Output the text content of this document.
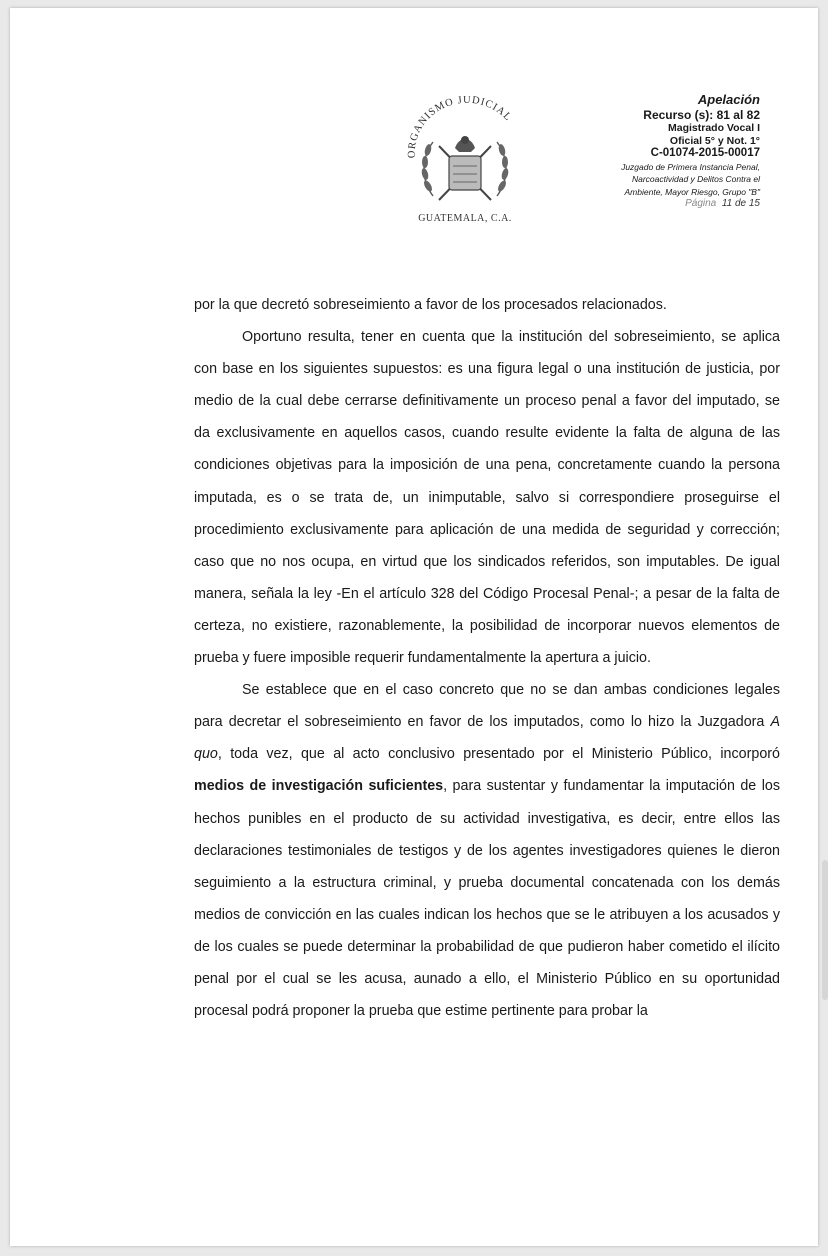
ORGANISMO JUDICIAL
GUATEMALA, C.A.
Apelación
Recurso (s): 81 al 82
Magistrado Vocal I
Oficial 5° y Not. 1°
C-01074-2015-00017
Juzgado de Primera Instancia Penal,
Narcoactividad y Delitos Contra el
Ambiente, Mayor Riesgo, Grupo "B"
Página 11 de 15

por la que decretó sobreseimiento a favor de los procesados relacionados.

Oportuno resulta, tener en cuenta que la institución del sobreseimiento, se aplica con base en los siguientes supuestos: es una figura legal o una institución de justicia, por medio de la cual debe cerrarse definitivamente un proceso penal a favor del imputado, se da exclusivamente en aquellos casos, cuando resulte evidente la falta de alguna de las condiciones objetivas para la imposición de una pena, concretamente cuando la persona imputada, es o se trata de, un inimputable, salvo si correspondiere proseguirse el procedimiento exclusivamente para aplicación de una medida de seguridad y corrección; caso que no nos ocupa, en virtud que los sindicados referidos, son imputables. De igual manera, señala la ley -En el artículo 328 del Código Procesal Penal-; a pesar de la falta de certeza, no existiere, razonablemente, la posibilidad de incorporar nuevos elementos de prueba y fuere imposible requerir fundamentalmente la apertura a juicio.

Se establece que en el caso concreto que no se dan ambas condiciones legales para decretar el sobreseimiento en favor de los imputados, como lo hizo la Juzgadora A quo, toda vez, que al acto conclusivo presentado por el Ministerio Público, incorporó medios de investigación suficientes, para sustentar y fundamentar la imputación de los hechos punibles en el producto de su actividad investigativa, es decir, entre ellos las declaraciones testimoniales de testigos y de los agentes investigadores quienes le dieron seguimiento a la estructura criminal, y prueba documental concatenada con los demás medios de convicción en las cuales indican los hechos que se le atribuyen a los acusados y de los cuales se puede determinar la probabilidad de que pudieron haber cometido el ilícito penal por el cual se les acusa, aunado a ello, el Ministerio Público en su oportunidad procesal podrá proponer la prueba que estime pertinente para probar la
